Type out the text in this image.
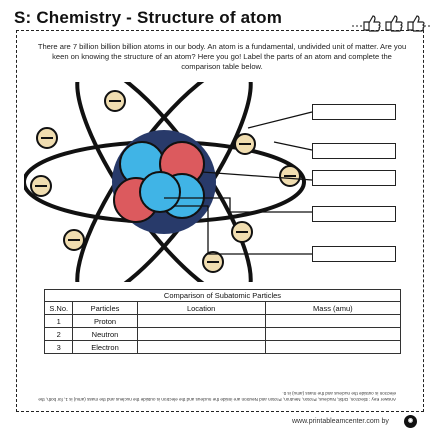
S: Chemistry - Structure of atom
There are 7 billion billion billion atoms in our body. An atom is a fundamental, undivided unit of matter. Are you keen on knowing the structure of an atom? Here you go! Label the parts of an atom and complete the comparison table below.
Comparison of Subatomic Particles			
S.No.	Particles	Location	Mass (amu)
1	Proton		
2	Neutron		
3	Electron		
Answer Key : Electron, Orbit, Nucleus, Proton, Neutron, Proton and Neutron are inside the nucleus and the electron is outside the nucleus and the mass (amu) is 1, for both, the electron is outside the nucleus and the mass (amu) is 0.
www.printableamcenter.com by	◉
